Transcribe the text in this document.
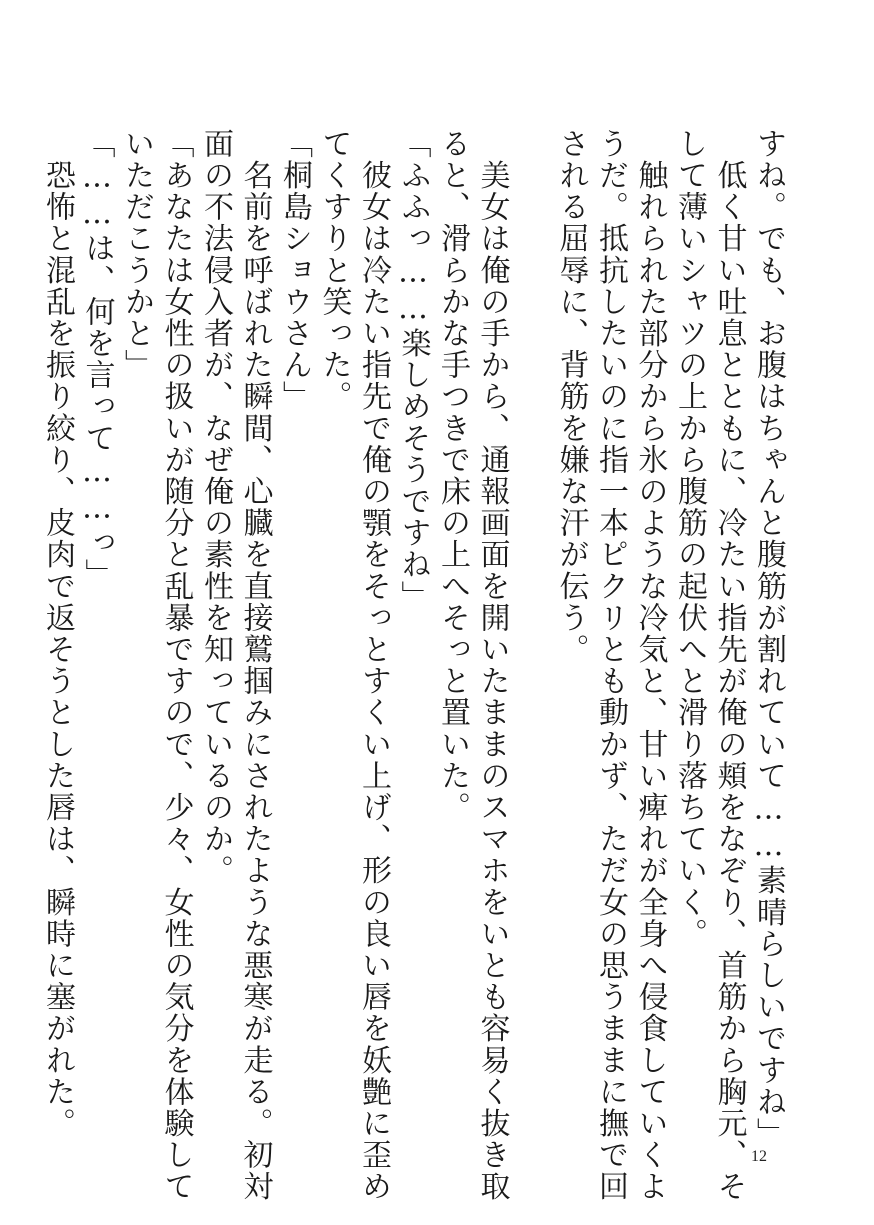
すね。でも、お腹はちゃんと腹筋が割れていて……素晴らしいですね」
　低く甘い吐息とともに、冷たい指先が俺の頬をなぞり、首筋から胸元、そ
して薄いシャツの上から腹筋の起伏へと滑り落ちていく。
　触れられた部分から氷のような冷気と、甘い痺れが全身へ侵食していくよ
うだ。抵抗したいのに指一本ピクリとも動かず、ただ女の思うままに撫で回
される屈辱に、背筋を嫌な汗が伝う。
　美女は俺の手から、通報画面を開いたままのスマホをいとも容易く抜き取
ると、滑らかな手つきで床の上へそっと置いた。
「ふふっ……楽しめそうですね」
　彼女は冷たい指先で俺の顎をそっとすくい上げ、形の良い唇を妖艶に歪め
てくすりと笑った。
「桐島ショウさん」
　名前を呼ばれた瞬間、心臓を直接鷲掴みにされたような悪寒が走る。初対
面の不法侵入者が、なぜ俺の素性を知っているのか。
「あなたは女性の扱いが随分と乱暴ですので、少々、女性の気分を体験して
いただこうかと」
「……は、何を言って……っ」
　恐怖と混乱を振り絞り、皮肉で返そうとした唇は、瞬時に塞がれた。
12
